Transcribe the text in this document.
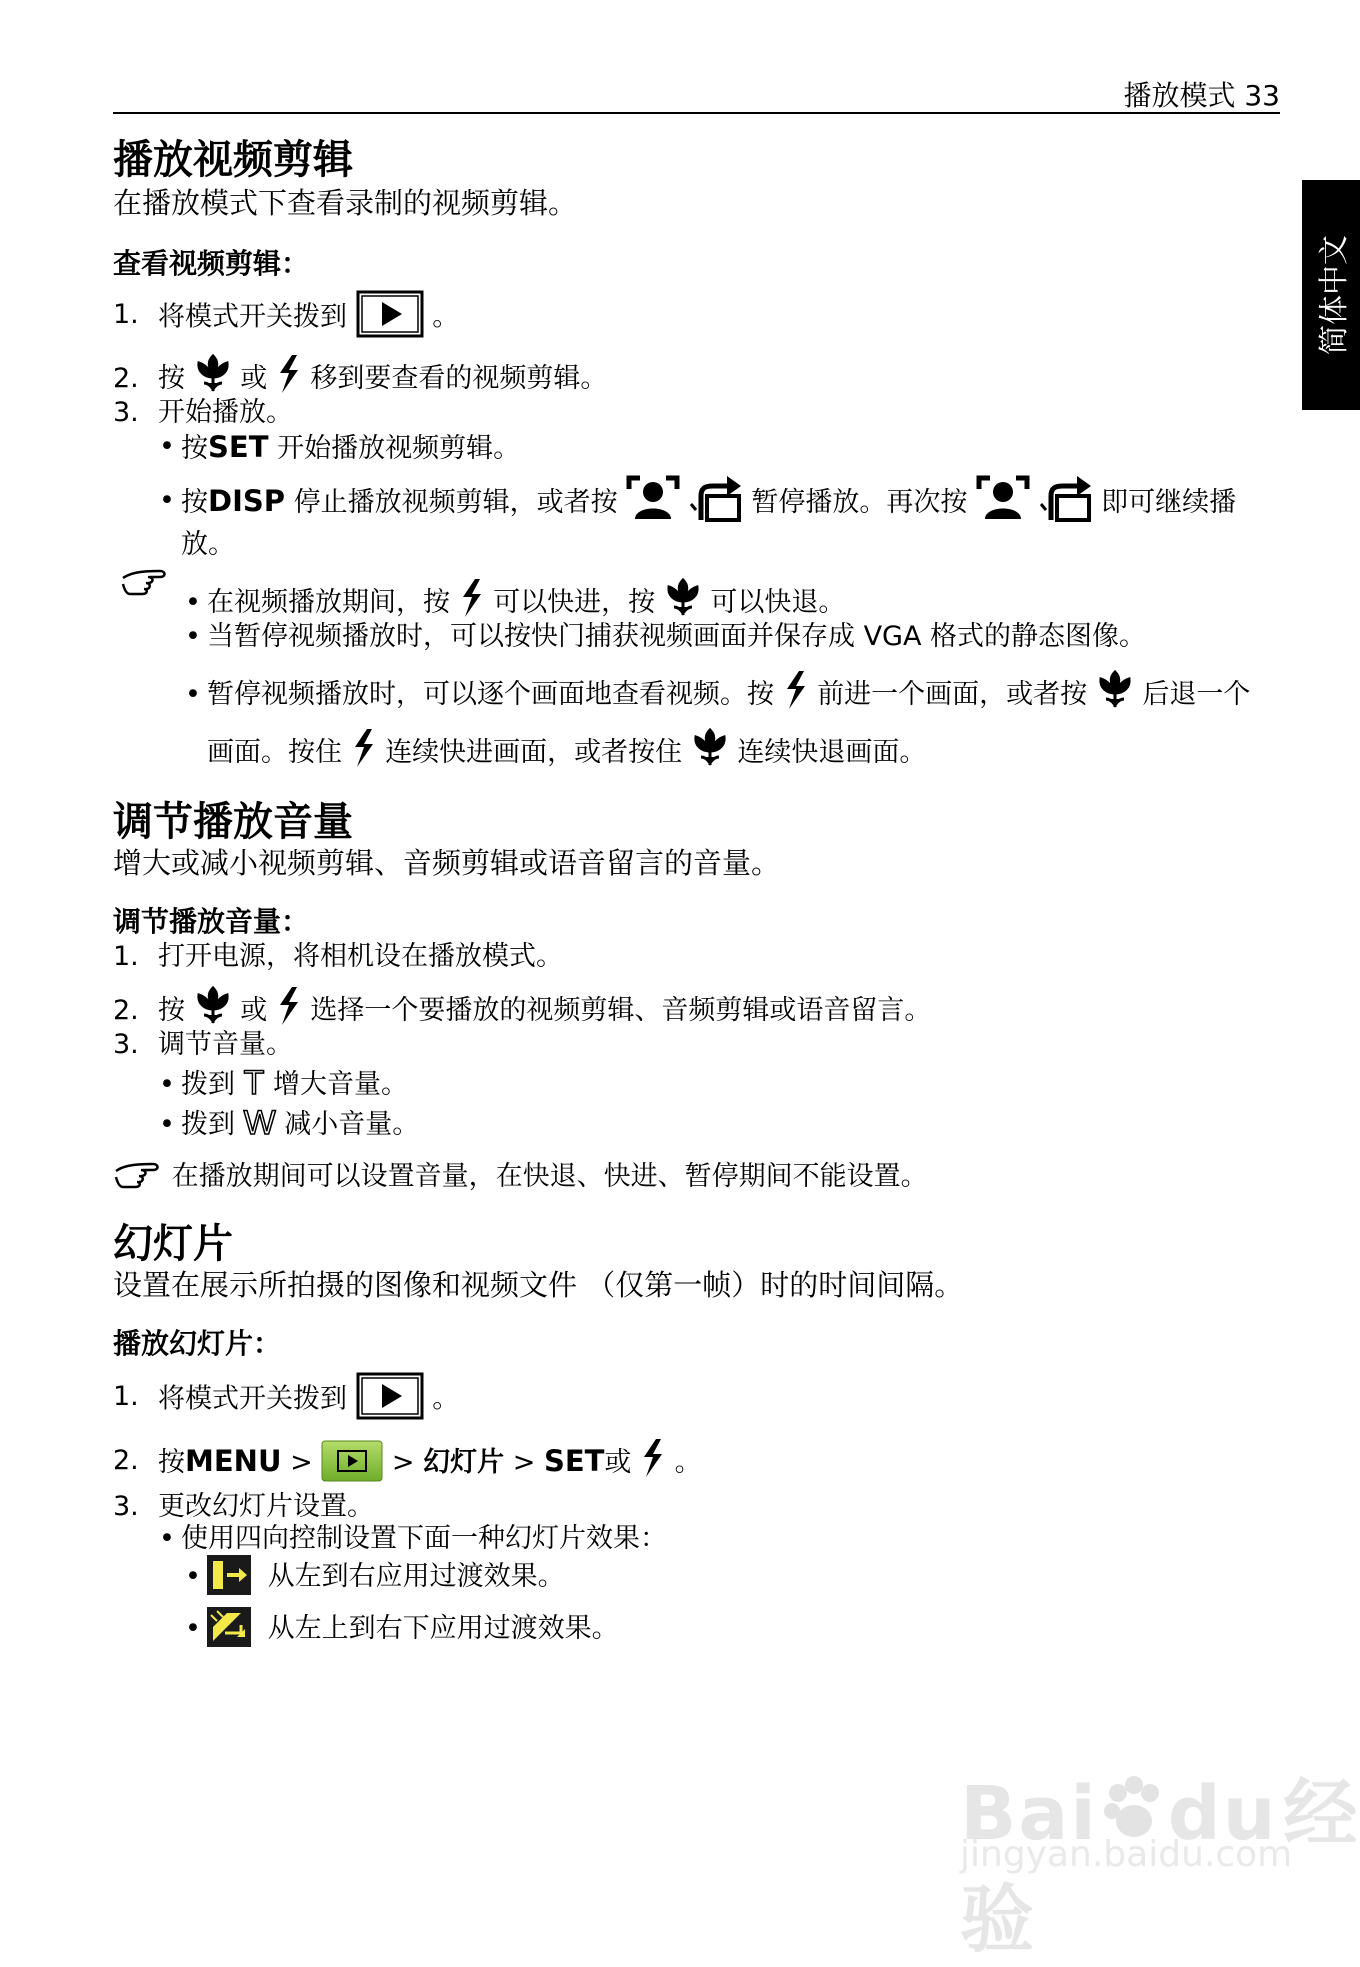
播放模式 33
简体中文
播放视频剪辑
在播放模式下查看录制的视频剪辑。
查看视频剪辑：
1. 将模式开关拨到	。
2. 按 或 移到要查看的视频剪辑。
3. 开始播放。
• 按SET 开始播放视频剪辑。
• 按DISP 停止播放视频剪辑，或者按	暂停播放。再次按	即可继续播
放。
• 在视频播放期间，按 可以快进，按 可以快退。
• 当暂停视频播放时，可以按快门捕获视频画面并保存成 VGA 格式的静态图像。
• 暂停视频播放时，可以逐个画面地查看视频。按 前进一个画面，或者按 后退一个
画面。按住 连续快进画面，或者按住 连续快退画面。
调节播放音量
增大或减小视频剪辑、音频剪辑或语音留言的音量。
调节播放音量：
1. 打开电源，将相机设在播放模式。
2. 按 或 选择一个要播放的视频剪辑、音频剪辑或语音留言。
3. 调节音量。
• 拨到 T 增大音量。
• 拨到 W 减小音量。
在播放期间可以设置音量，在快退、快进、暂停期间不能设置。
幻灯片
设置在展示所拍摄的图像和视频文件 （仅第一帧）时的时间间隔。
播放幻灯片：
1. 将模式开关拨到	。
2. 按MENU >	> 幻灯片 > SET或 。
3. 更改幻灯片设置。
• 使用四向控制设置下面一种幻灯片效果：
• 从左到右应用过渡效果。
• 从左上到右下应用过渡效果。
Bai du经验
jingyan.baidu.com
